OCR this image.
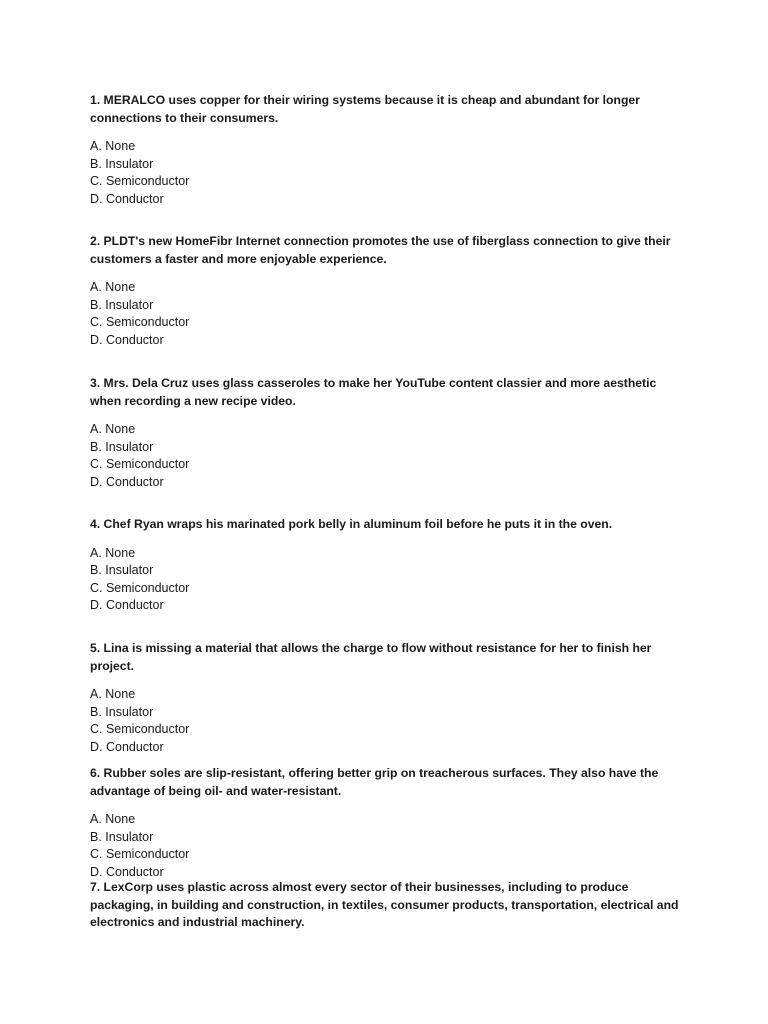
1. MERALCO uses copper for their wiring systems because it is cheap and abundant for longer connections to their consumers.

A. None
B. Insulator
C. Semiconductor
D. Conductor

2. PLDT's new HomeFibr Internet connection promotes the use of fiberglass connection to give their customers a faster and more enjoyable experience.

A. None
B. Insulator
C. Semiconductor
D. Conductor

3. Mrs. Dela Cruz uses glass casseroles to make her YouTube content classier and more aesthetic when recording a new recipe video.

A. None
B. Insulator
C. Semiconductor
D. Conductor

4. Chef Ryan wraps his marinated pork belly in aluminum foil before he puts it in the oven.

A. None
B. Insulator
C. Semiconductor
D. Conductor

5. Lina is missing a material that allows the charge to flow without resistance for her to finish her project.

A. None
B. Insulator
C. Semiconductor
D. Conductor

6. Rubber soles are slip-resistant, offering better grip on treacherous surfaces. They also have the advantage of being oil- and water-resistant.

A. None
B. Insulator
C. Semiconductor
D. Conductor

7. LexCorp uses plastic across almost every sector of their businesses, including to produce packaging, in building and construction, in textiles, consumer products, transportation, electrical and electronics and industrial machinery.
